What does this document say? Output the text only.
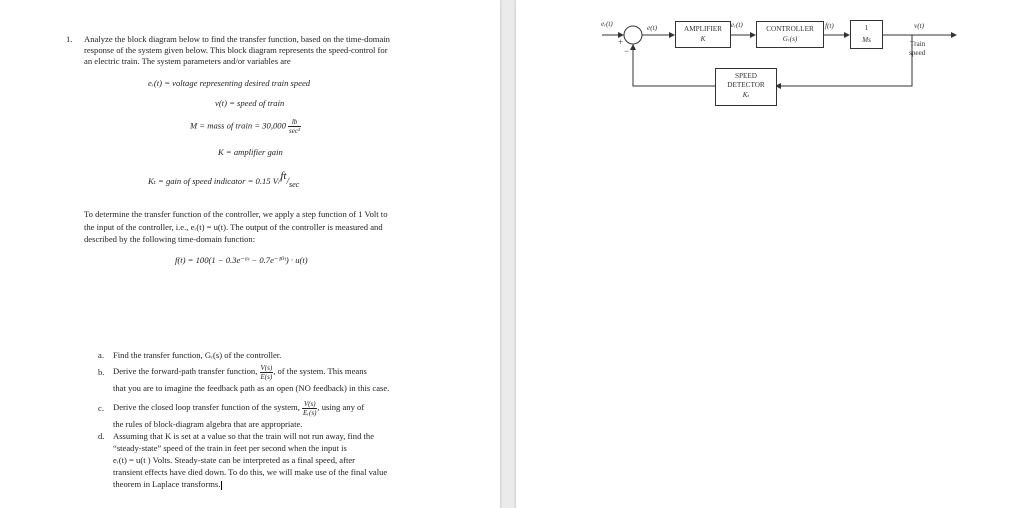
1. Analyze the block diagram below to find the transfer function, based on the time-domain
response of the system given below. This block diagram represents the speed-control for
an electric train. The system parameters and/or variables are
eᵣ(t) = voltage representing desired train speed
v(t) = speed of train
M = mass of train = $30,000 \frac{lb}{\text{sec²}}$
K = amplifier gain
Kₜ = gain of speed indicator = 0.15 V/ft/sec
To determine the transfer function of the controller, we apply a step function of 1 Volt to
the input of the controller, i.e., eᵣ(t) = u(t). The output of the controller is measured and
described by the following time-domain function:
f(t) = 100(1 − 0.3e⁻⁶ᵗ − 0.7e⁻¹⁰ᵗ) · u(t)
a. Find the transfer function, Gᵣ(s) of the controller.
b. Derive the forward-path transfer function, $\frac{V(s)}{E(s)}$ , of the system. This means
that you are to imagine the feedback path as an open (NO feedback) in this case.
c. Derive the closed loop transfer function of the system, $\frac{V(s)}{\text{Eᵣ(s)}}$ , using any of
the rules of block-diagram algebra that are appropriate.
d. Assuming that K is set at a value so that the train will not run away, find the
“steady-state” speed of the train in feet per second when the input is
eᵣ(t) = u(t ) Volts. Steady-state can be interpreted as a final speed, after
transient effects have died down. To do this, we will make use of the final value
theorem in Laplace transforms.
eᵣ(t)
+
−
e(t)	AMPLIFIER
K
eᵣ(t)	CONTROLLER
Gᵣ(s)
f(t)	1
Ms
v(t)
Train
speed
SPEED
DETECTOR
Kₜ
